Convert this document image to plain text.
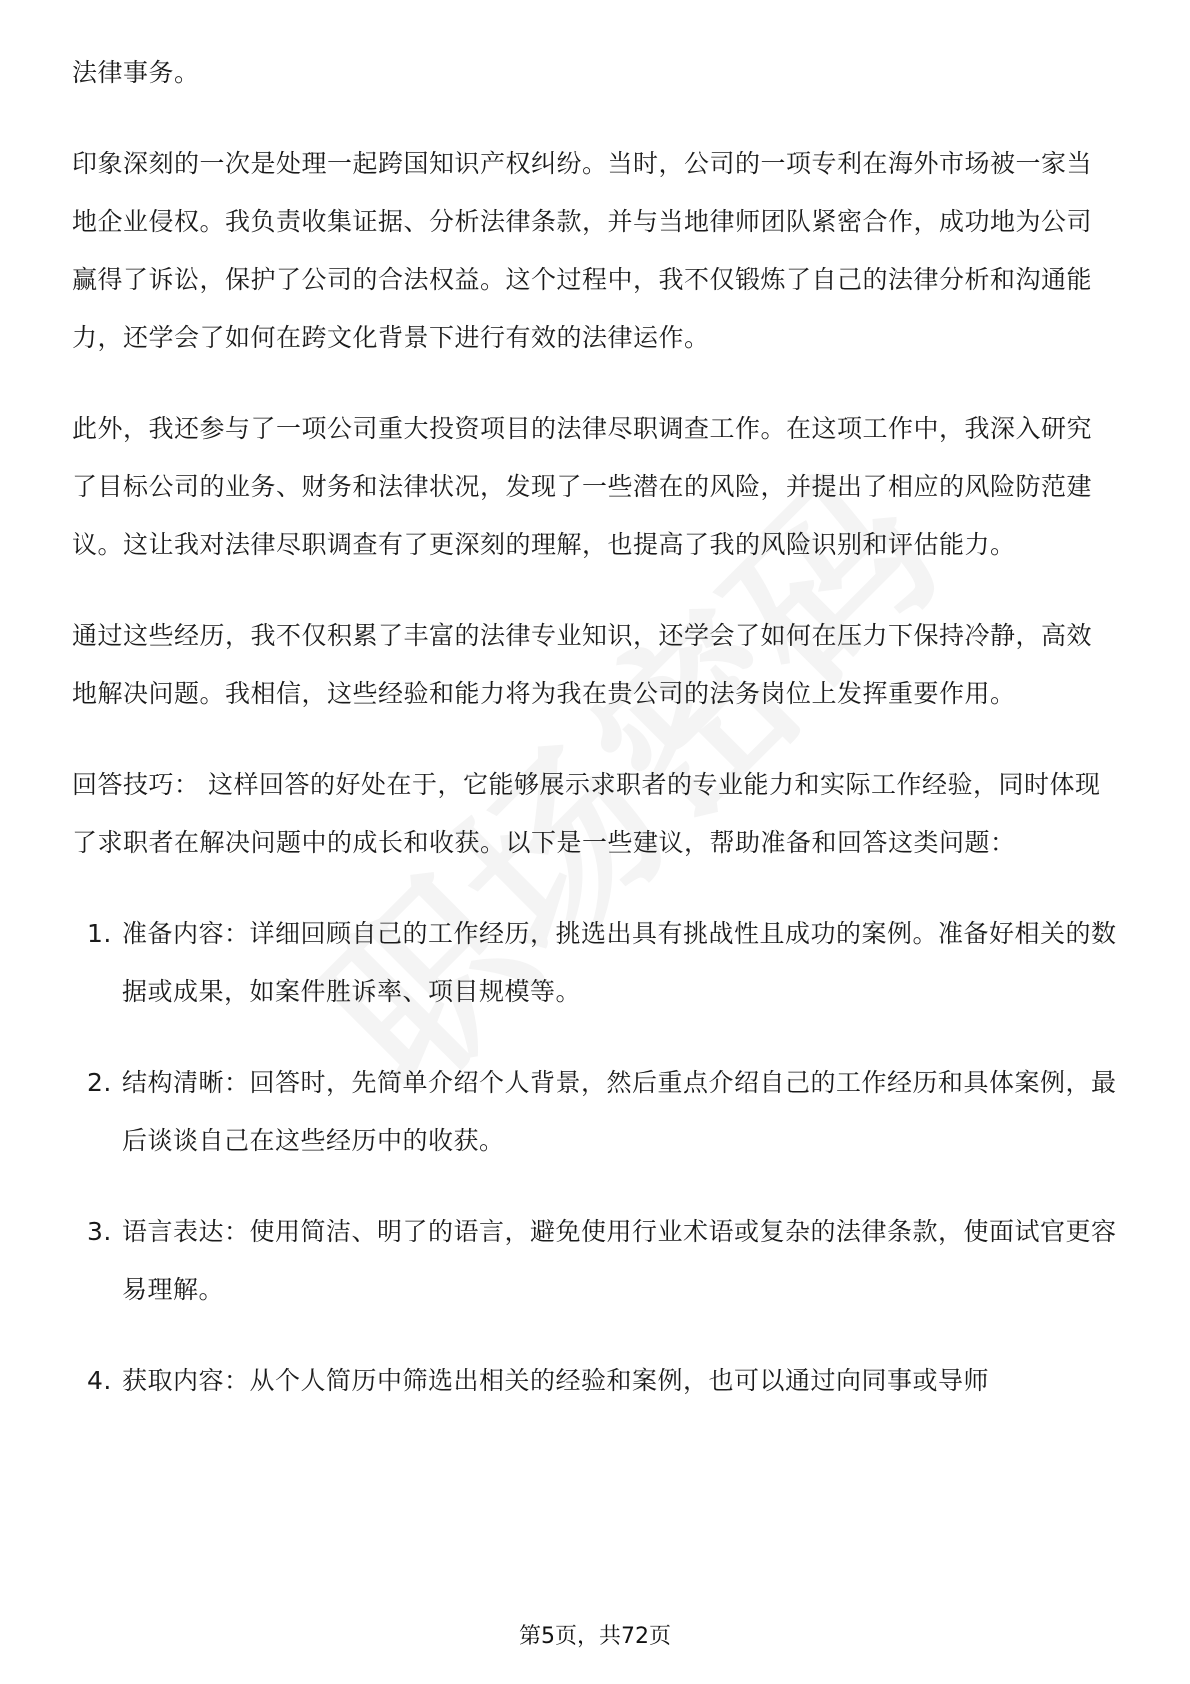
法律事务。

印象深刻的一次是处理一起跨国知识产权纠纷。当时，公司的一项专利在海外市场被一家当地企业侵权。我负责收集证据、分析法律条款，并与当地律师团队紧密合作，成功地为公司赢得了诉讼，保护了公司的合法权益。这个过程中，我不仅锻炼了自己的法律分析和沟通能力，还学会了如何在跨文化背景下进行有效的法律运作。

此外，我还参与了一项公司重大投资项目的法律尽职调查工作。在这项工作中，我深入研究了目标公司的业务、财务和法律状况，发现了一些潜在的风险，并提出了相应的风险防范建议。这让我对法律尽职调查有了更深刻的理解，也提高了我的风险识别和评估能力。

通过这些经历，我不仅积累了丰富的法律专业知识，还学会了如何在压力下保持冷静，高效地解决问题。我相信，这些经验和能力将为我在贵公司的法务岗位上发挥重要作用。

回答技巧： 这样回答的好处在于，它能够展示求职者的专业能力和实际工作经验，同时体现了求职者在解决问题中的成长和收获。以下是一些建议，帮助准备和回答这类问题：

1. 准备内容：详细回顾自己的工作经历，挑选出具有挑战性且成功的案例。准备好相关的数据或成果，如案件胜诉率、项目规模等。
2. 结构清晰：回答时，先简单介绍个人背景，然后重点介绍自己的工作经历和具体案例，最后谈谈自己在这些经历中的收获。
3. 语言表达：使用简洁、明了的语言，避免使用行业术语或复杂的法律条款，使面试官更容易理解。
4. 获取内容：从个人简历中筛选出相关的经验和案例，也可以通过向同事或导师
第5页，共72页
